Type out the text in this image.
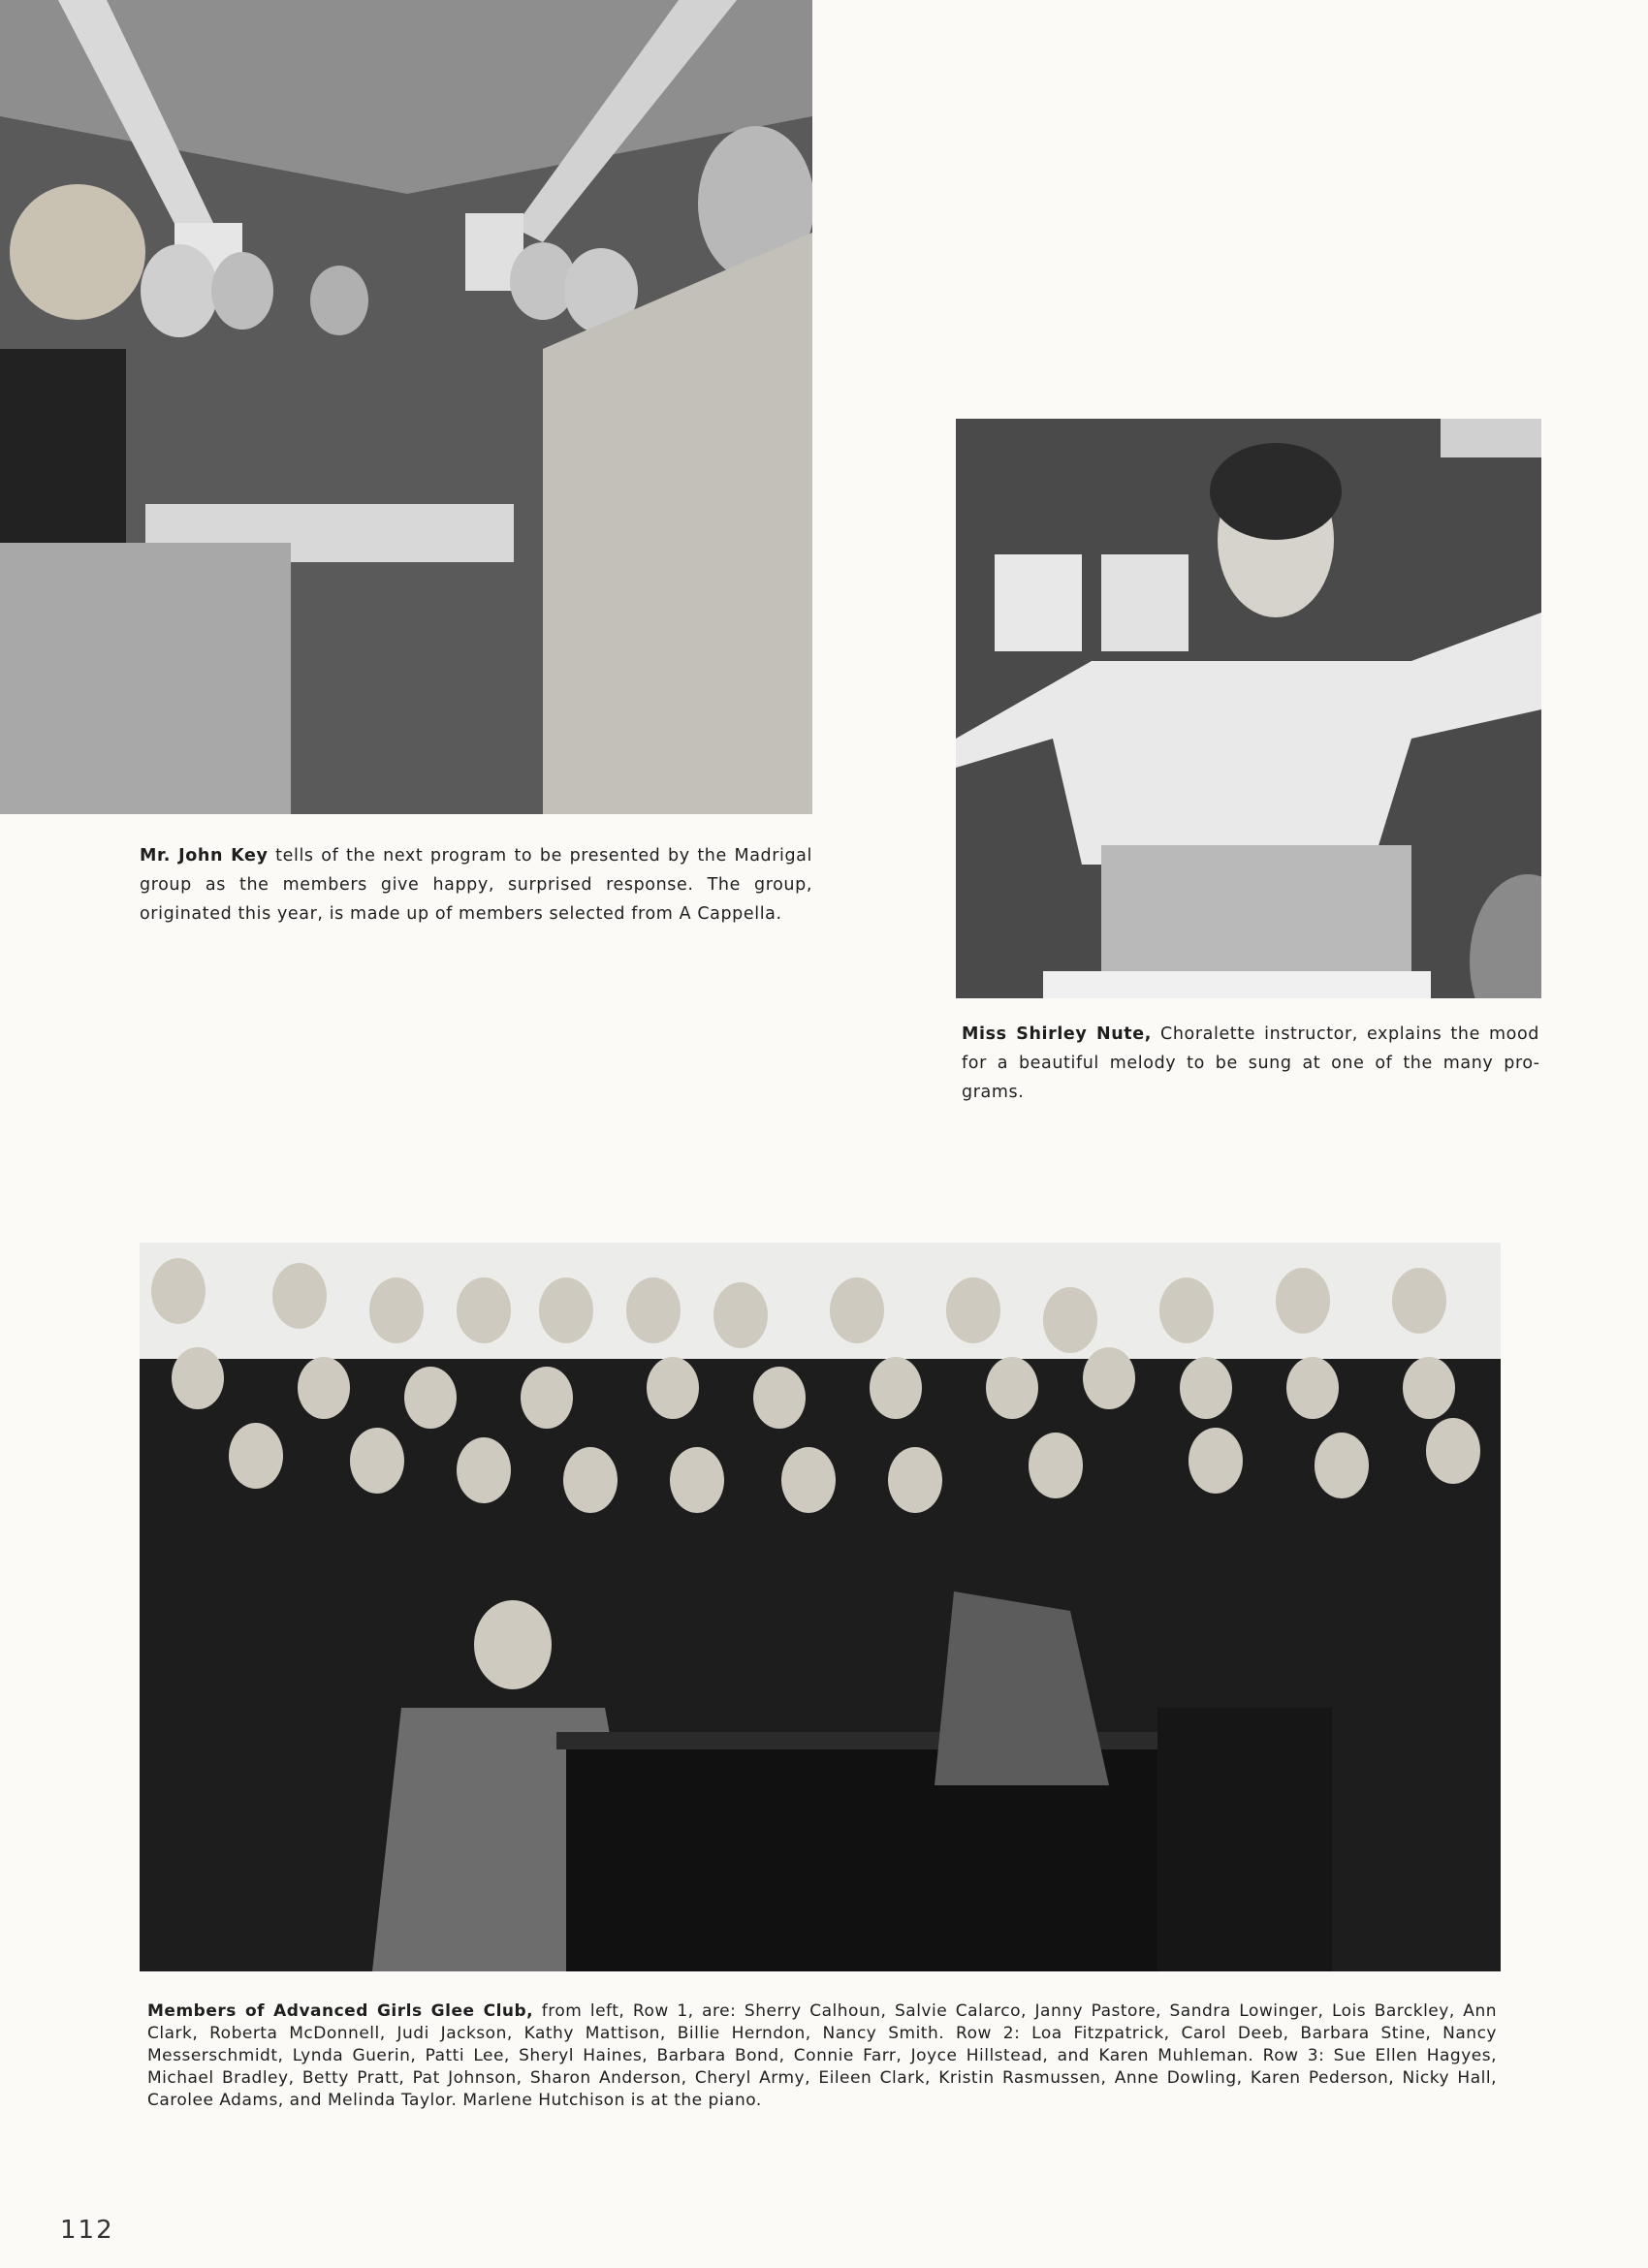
Mr. John Key tells of the next program to be presented by the Madrigal group as the members give happy, surprised response. The group, originated this year, is made up of members selected from A Cappella.
Miss Shirley Nute, Choralette instructor, explains the mood for a beautiful melody to be sung at one of the many programs.
Members of Advanced Girls Glee Club, from left, Row 1, are: Sherry Calhoun, Salvie Calarco, Janny Pastore, Sandra Lowinger, Lois Barckley, Ann Clark, Roberta McDonnell, Judi Jackson, Kathy Mattison, Billie Herndon, Nancy Smith. Row 2: Loa Fitzpatrick, Carol Deeb, Barbara Stine, Nancy Messerschmidt, Lynda Guerin, Patti Lee, Sheryl Haines, Barbara Bond, Connie Farr, Joyce Hillstead, and Karen Muhleman. Row 3: Sue Ellen Hagyes, Michael Bradley, Betty Pratt, Pat Johnson, Sharon Anderson, Cheryl Army, Eileen Clark, Kristin Rasmussen, Anne Dowling, Karen Pederson, Nicky Hall, Carolee Adams, and Melinda Taylor. Marlene Hutchison is at the piano.
112
